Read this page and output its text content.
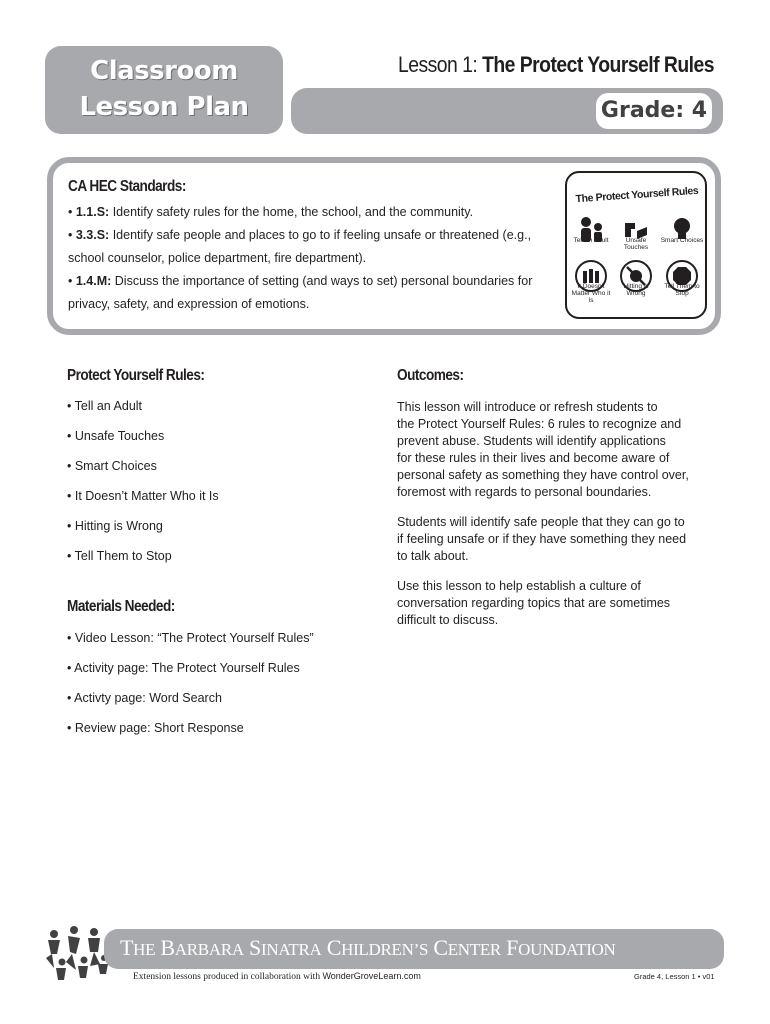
Classroom
Lesson Plan
Lesson 1: The Protect Yourself Rules
Grade: 4
CA HEC Standards:
• 1.1.S: Identify safety rules for the home, the school, and the community.
• 3.3.S: Identify safe people and places to go to if feeling unsafe or threatened (e.g.,
school counselor, police department, fire department).
• 1.4.M: Discuss the importance of setting (and ways to set) personal boundaries for
privacy, safety, and expression of emotions.
The Protect Yourself Rules
Tell an Adult	Unsafe Touches
Smart Choices
It Doesn't Matter Who it Is
Hitting is Wrong
Tell Them to Stop
Protect Yourself Rules:
• Tell an Adult
• Unsafe Touches
• Smart Choices
• It Doesn’t Matter Who it Is
• Hitting is Wrong
• Tell Them to Stop
Materials Needed:
• Video Lesson: “The Protect Yourself Rules”
• Activity page: The Protect Yourself Rules
• Activty page: Word Search
• Review page: Short Response
Outcomes:
This lesson will introduce or refresh students to
the Protect Yourself Rules: 6 rules to recognize and
prevent abuse. Students will identify applications
for these rules in their lives and become aware of
personal safety as something they have control over,
foremost with regards to personal boundaries.
Students will identify safe people that they can go to
if feeling unsafe or if they have something they need
to talk about.
Use this lesson to help establish a culture of
conversation regarding topics that are sometimes
difficult to discuss.
THE BARBARA SINATRA CHILDREN’S CENTER FOUNDATION
Extension lessons produced in collaboration with WonderGroveLearn.com	Grade 4, Lesson 1 • v01
